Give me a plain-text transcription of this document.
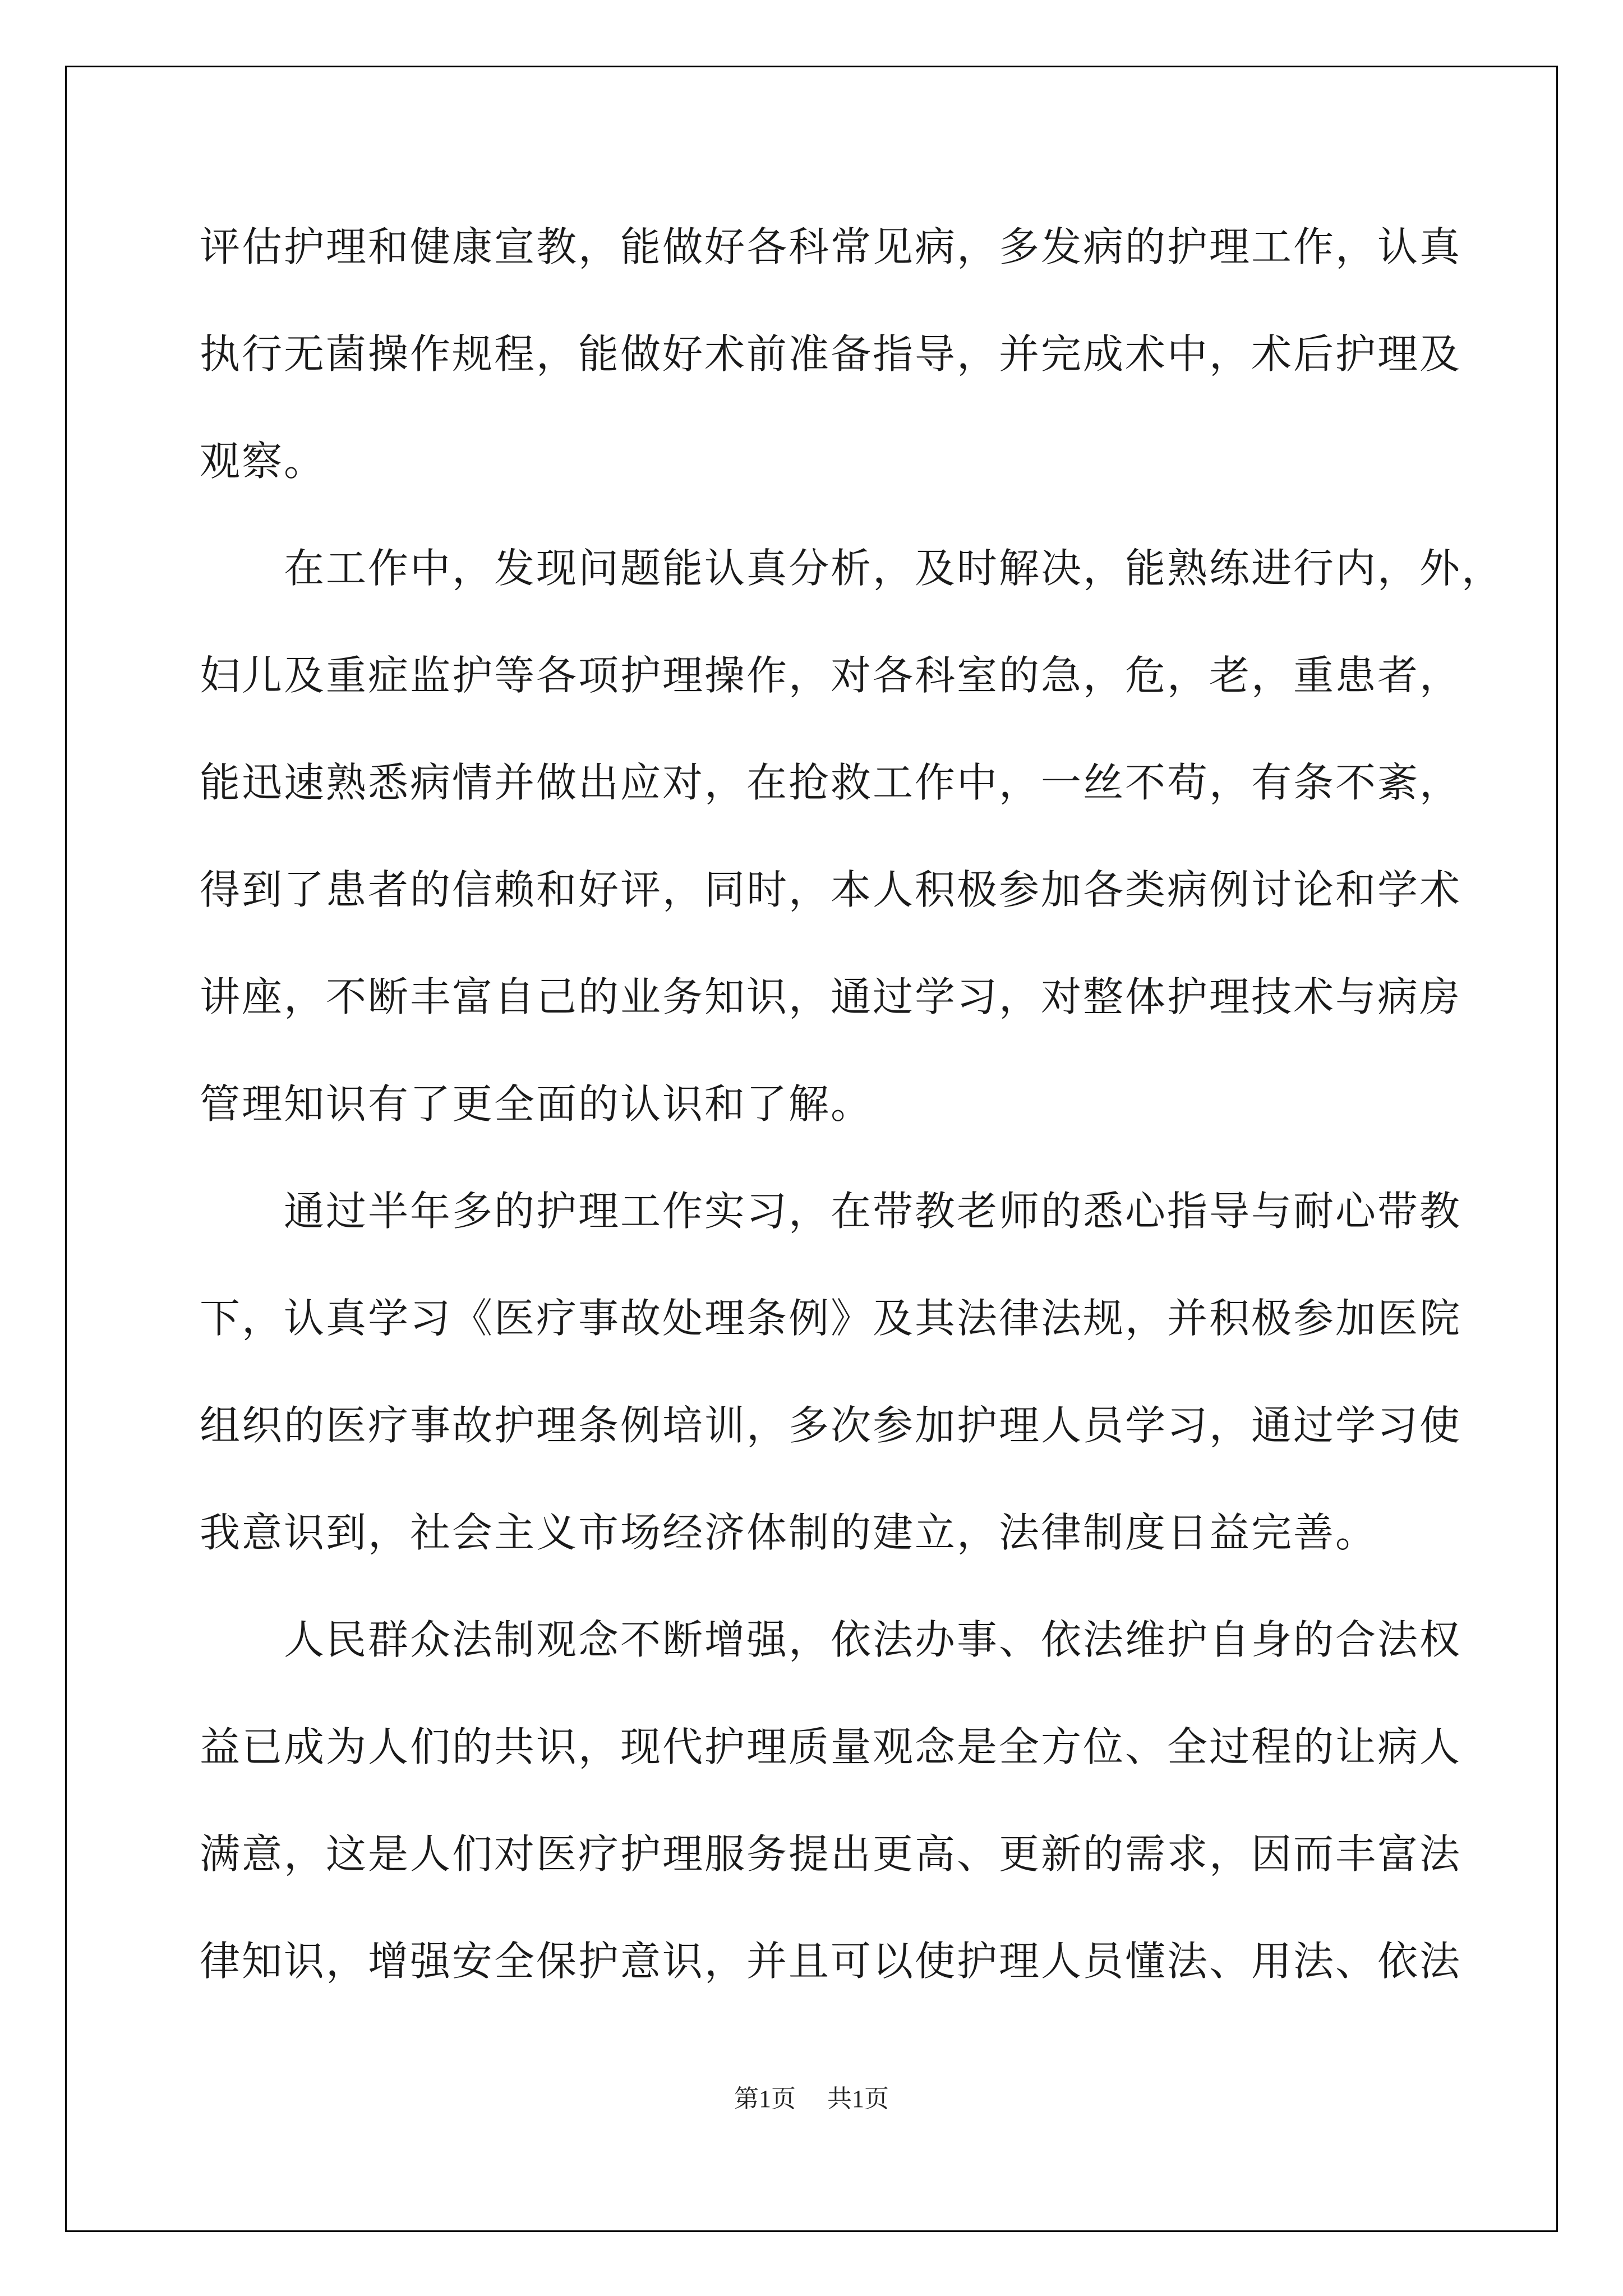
评估护理和健康宣教，能做好各科常见病，多发病的护理工作，认真
执行无菌操作规程，能做好术前准备指导，并完成术中，术后护理及
观察。
在工作中，发现问题能认真分析，及时解决，能熟练进行内，外，
妇儿及重症监护等各项护理操作，对各科室的急，危，老，重患者，
能迅速熟悉病情并做出应对，在抢救工作中，一丝不苟，有条不紊，
得到了患者的信赖和好评，同时，本人积极参加各类病例讨论和学术
讲座，不断丰富自己的业务知识，通过学习，对整体护理技术与病房
管理知识有了更全面的认识和了解。
通过半年多的护理工作实习，在带教老师的悉心指导与耐心带教
下，认真学习《医疗事故处理条例》及其法律法规，并积极参加医院
组织的医疗事故护理条例培训，多次参加护理人员学习，通过学习使
我意识到，社会主义市场经济体制的建立，法律制度日益完善。
人民群众法制观念不断增强，依法办事、依法维护自身的合法权
益已成为人们的共识，现代护理质量观念是全方位、全过程的让病人
满意，这是人们对医疗护理服务提出更高、更新的需求，因而丰富法
律知识，增强安全保护意识，并且可以使护理人员懂法、用法、依法
第1页 共1页
